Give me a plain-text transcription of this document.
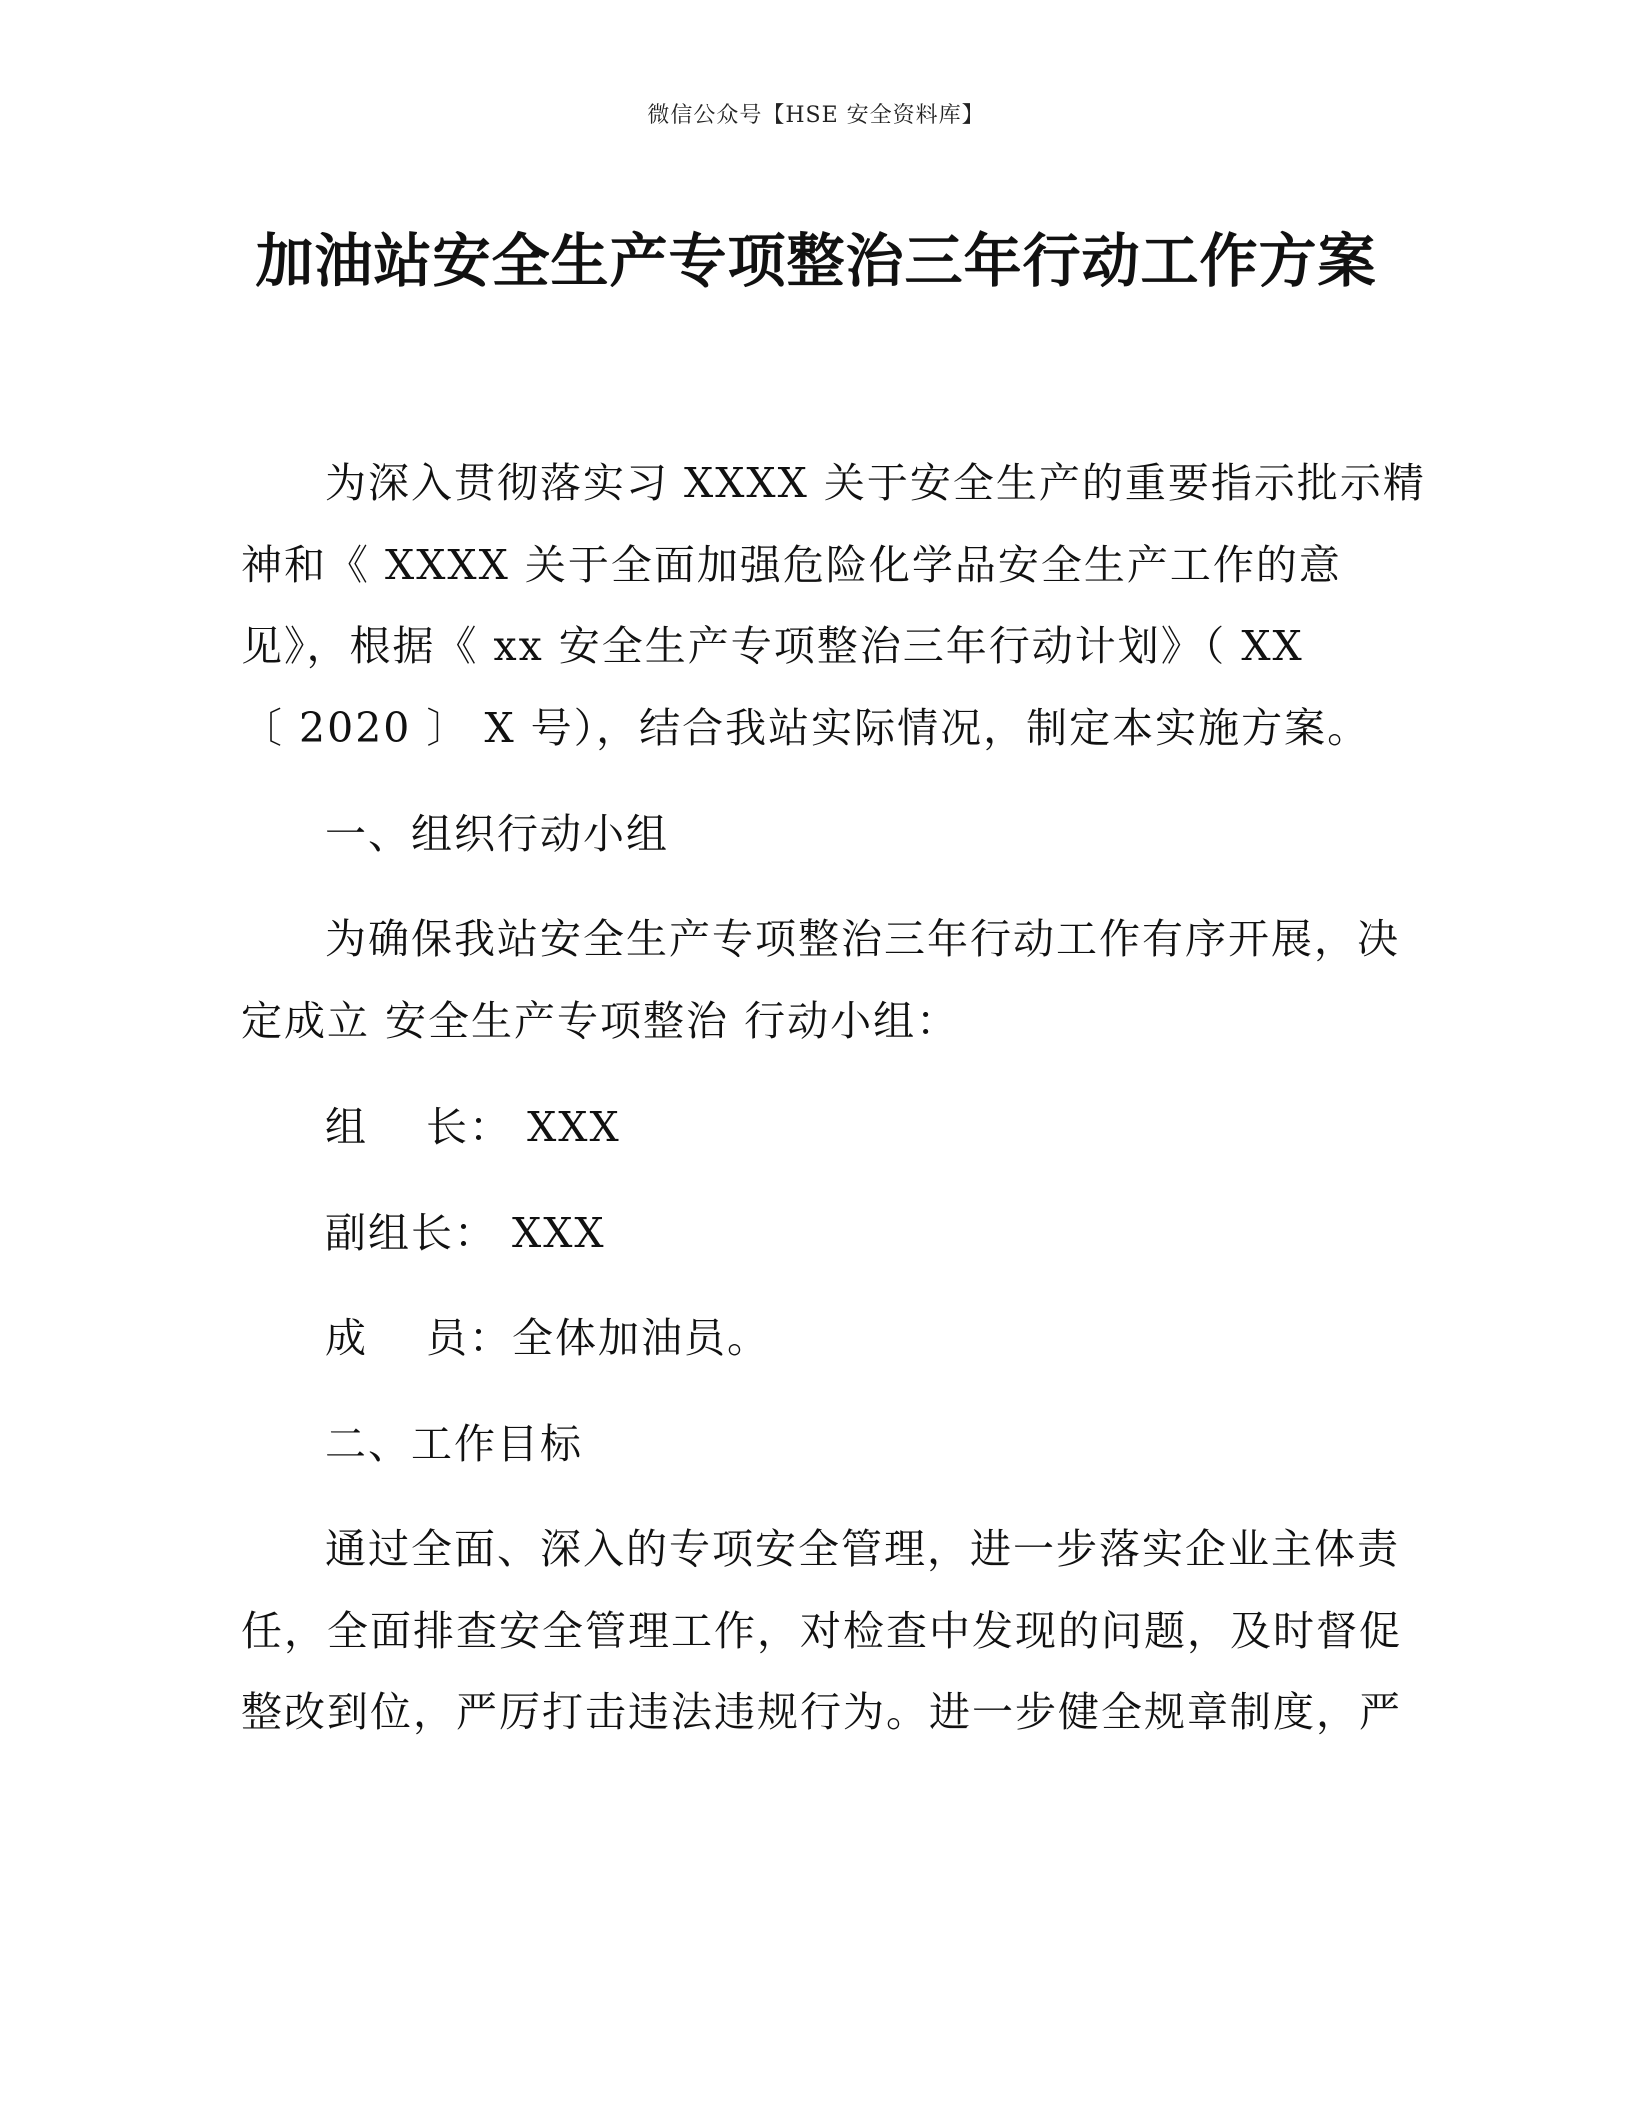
微信公众号【HSE 安全资料库】
加油站安全生产专项整治三年行动工作方案
为深入贯彻落实习 XXXX 关于安全生产的重要指示批示精
神和《 XXXX 关于全面加强危险化学品安全生产工作的意
见》，根据《 xx 安全生产专项整治三年行动计划》（ XX
〔 2020 〕 X 号），结合我站实际情况，制定本实施方案。
一、组织行动小组
为确保我站安全生产专项整治三年行动工作有序开展，决
定成立 安全生产专项整治 行动小组：
组　 长： XXX
副组长： XXX
成　 员：全体加油员。
二、工作目标
通过全面、深入的专项安全管理，进一步落实企业主体责
任，全面排查安全管理工作，对检查中发现的问题，及时督促
整改到位，严厉打击违法违规行为。进一步健全规章制度，严
